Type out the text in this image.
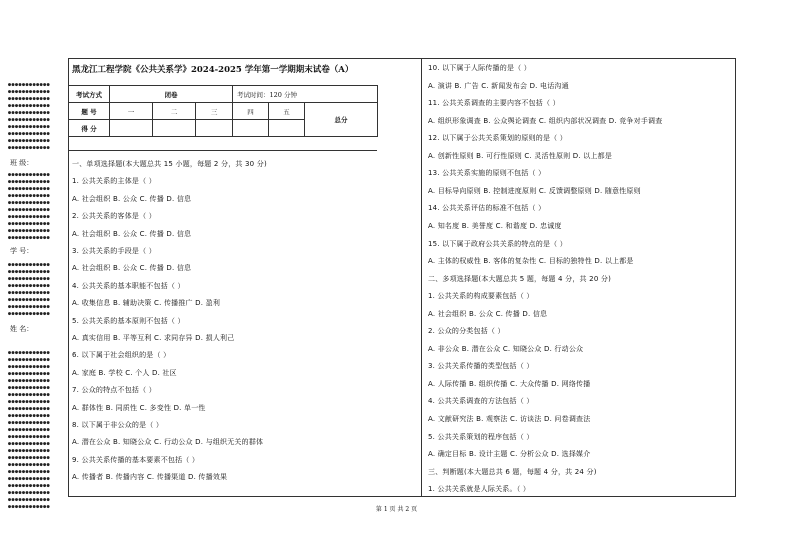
●●●●●●●●●●●●
●●●●●●●●●●●●
●●●●●●●●●●●●
●●●●●●●●●●●●
●●●●●●●●●●●●
●●●●●●●●●●●●
●●●●●●●●●●●●
●●●●●●●●●●●●
●●●●●●●●●●●●
●●●●●●●●●●●●
班 级：
●●●●●●●●●●●●
●●●●●●●●●●●●
●●●●●●●●●●●●
●●●●●●●●●●●●
●●●●●●●●●●●●
●●●●●●●●●●●●
●●●●●●●●●●●●
●●●●●●●●●●●●
●●●●●●●●●●●●
●●●●●●●●●●●●
学 号：
●●●●●●●●●●●●
●●●●●●●●●●●●
●●●●●●●●●●●●
●●●●●●●●●●●●
●●●●●●●●●●●●
●●●●●●●●●●●●
●●●●●●●●●●●●
●●●●●●●●●●●●
姓 名：
●●●●●●●●●●●●
●●●●●●●●●●●●
●●●●●●●●●●●●
●●●●●●●●●●●●
●●●●●●●●●●●●
●●●●●●●●●●●●
●●●●●●●●●●●●
●●●●●●●●●●●●
●●●●●●●●●●●●
●●●●●●●●●●●●
●●●●●●●●●●●●
●●●●●●●●●●●●
●●●●●●●●●●●●
●●●●●●●●●●●●
●●●●●●●●●●●●
●●●●●●●●●●●●
●●●●●●●●●●●●
●●●●●●●●●●●●
●●●●●●●●●●●●
●●●●●●●●●●●●
●●●●●●●●●●●●
●●●●●●●●●●●●
●●●●●●●●●●●●
黑龙江工程学院《公共关系学》2024-2025 学年第一学期期末试卷（A）
考试方式	闭卷			考试时间：120 分钟		
题 号	一	二	三	四	五	总分
得 分						
一、单项选择题(本大题总共 15 小题，每题 2 分，共 30 分)
1. 公共关系的主体是（ ）
A. 社会组织 B. 公众 C. 传播 D. 信息
2. 公共关系的客体是（ ）
A. 社会组织 B. 公众 C. 传播 D. 信息
3. 公共关系的手段是（ ）
A. 社会组织 B. 公众 C. 传播 D. 信息
4. 公共关系的基本职能不包括（ ）
A. 收集信息 B. 辅助决策 C. 传播推广 D. 盈利
5. 公共关系的基本原则不包括（ ）
A. 真实信用 B. 平等互利 C. 求同存异 D. 损人利己
6. 以下属于社会组织的是（ ）
A. 家庭 B. 学校 C. 个人 D. 社区
7. 公众的特点不包括（ ）
A. 群体性 B. 同质性 C. 多变性 D. 单一性
8. 以下属于非公众的是（ ）
A. 潜在公众 B. 知晓公众 C. 行动公众 D. 与组织无关的群体
9. 公共关系传播的基本要素不包括（ ）
A. 传播者 B. 传播内容 C. 传播渠道 D. 传播效果
10. 以下属于人际传播的是（ ）
A. 演讲 B. 广告 C. 新闻发布会 D. 电话沟通
11. 公共关系调查的主要内容不包括（ ）
A. 组织形象调查 B. 公众舆论调查 C. 组织内部状况调查 D. 竞争对手调查
12. 以下属于公共关系策划的原则的是（ ）
A. 创新性原则 B. 可行性原则 C. 灵活性原则 D. 以上都是
13. 公共关系实施的原则不包括（ ）
A. 目标导向原则 B. 控制进度原则 C. 反馈调整原则 D. 随意性原则
14. 公共关系评估的标准不包括（ ）
A. 知名度 B. 美誉度 C. 和谐度 D. 忠诚度
15. 以下属于政府公共关系的特点的是（ ）
A. 主体的权威性 B. 客体的复杂性 C. 目标的独特性 D. 以上都是
二、多项选择题(本大题总共 5 题，每题 4 分，共 20 分)
1. 公共关系的构成要素包括（ ）
A. 社会组织 B. 公众 C. 传播 D. 信息
2. 公众的分类包括（ ）
A. 非公众 B. 潜在公众 C. 知晓公众 D. 行动公众
3. 公共关系传播的类型包括（ ）
A. 人际传播 B. 组织传播 C. 大众传播 D. 网络传播
4. 公共关系调查的方法包括（ ）
A. 文献研究法 B. 观察法 C. 访谈法 D. 问卷调查法
5. 公共关系策划的程序包括（ ）
A. 确定目标 B. 设计主题 C. 分析公众 D. 选择媒介
三、判断题(本大题总共 6 题，每题 4 分，共 24 分)
1. 公共关系就是人际关系。（ ）
第 1 页 共 2 页
